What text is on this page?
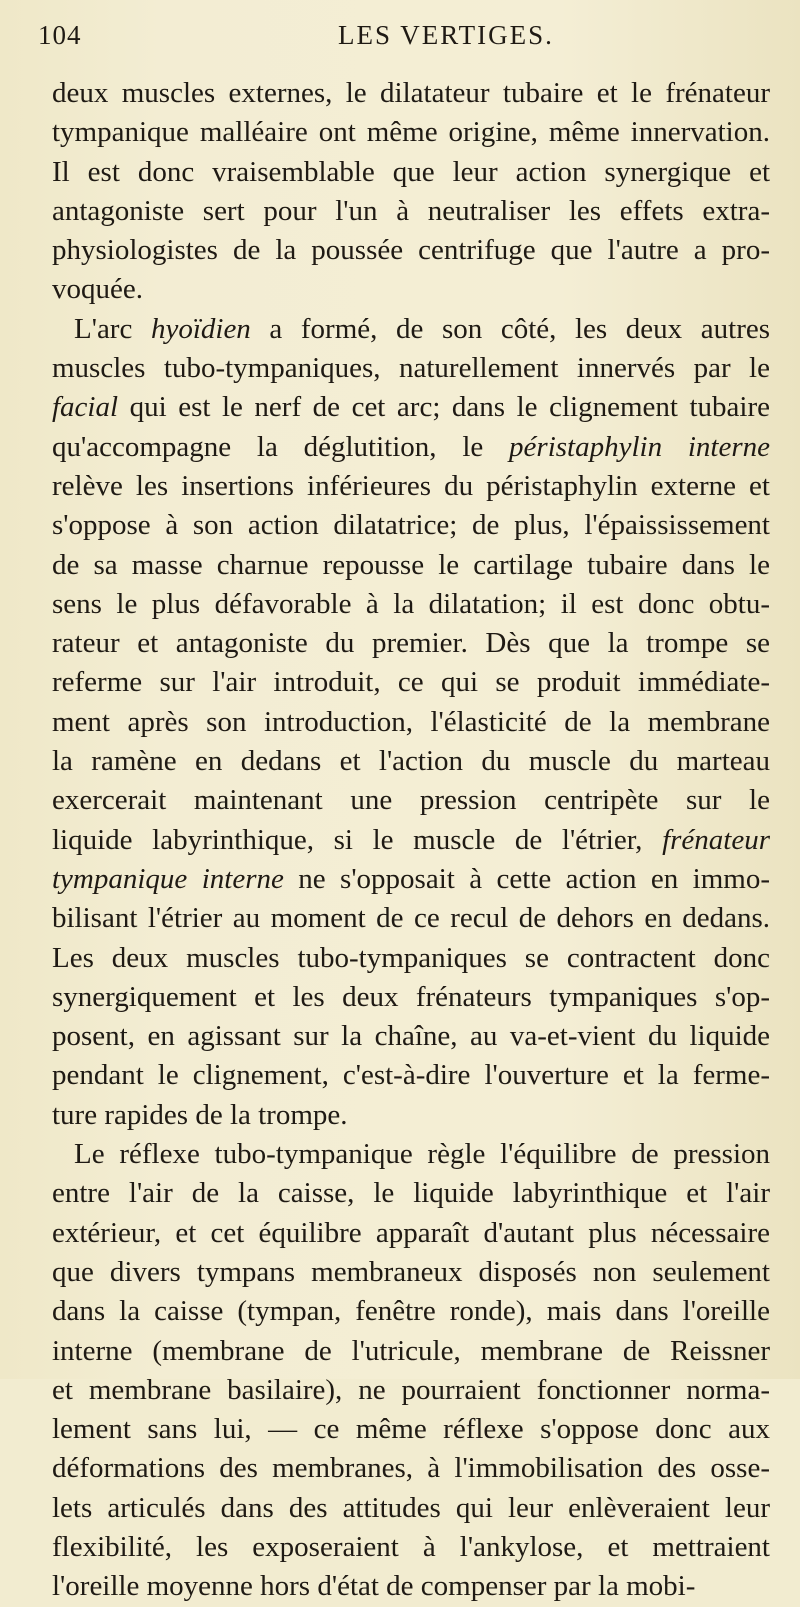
104	LES VERTIGES.
deux muscles externes, le dilatateur tubaire et le frénateur
tympanique malléaire ont même origine, même innervation.
Il est donc vraisemblable que leur action synergique et
antagoniste sert pour l'un à neutraliser les effets extra-
physiologistes de la poussée centrifuge que l'autre a pro-
voquée.
L'arc hyoïdien a formé, de son côté, les deux autres
muscles tubo-tympaniques, naturellement innervés par le
facial qui est le nerf de cet arc; dans le clignement tubaire
qu'accompagne la déglutition, le péristaphylin interne
relève les insertions inférieures du péristaphylin externe et
s'oppose à son action dilatatrice; de plus, l'épaississement
de sa masse charnue repousse le cartilage tubaire dans le
sens le plus défavorable à la dilatation; il est donc obtu-
rateur et antagoniste du premier. Dès que la trompe se
referme sur l'air introduit, ce qui se produit immédiate-
ment après son introduction, l'élasticité de la membrane
la ramène en dedans et l'action du muscle du marteau
exercerait maintenant une pression centripète sur le
liquide labyrinthique, si le muscle de l'étrier, frénateur
tympanique interne ne s'opposait à cette action en immo-
bilisant l'étrier au moment de ce recul de dehors en dedans.
Les deux muscles tubo-tympaniques se contractent donc
synergiquement et les deux frénateurs tympaniques s'op-
posent, en agissant sur la chaîne, au va-et-vient du liquide
pendant le clignement, c'est-à-dire l'ouverture et la ferme-
ture rapides de la trompe.
Le réflexe tubo-tympanique règle l'équilibre de pression
entre l'air de la caisse, le liquide labyrinthique et l'air
extérieur, et cet équilibre apparaît d'autant plus nécessaire
que divers tympans membraneux disposés non seulement
dans la caisse (tympan, fenêtre ronde), mais dans l'oreille
interne (membrane de l'utricule, membrane de Reissner
et membrane basilaire), ne pourraient fonctionner norma-
lement sans lui, — ce même réflexe s'oppose donc aux
déformations des membranes, à l'immobilisation des osse-
lets articulés dans des attitudes qui leur enlèveraient leur
flexibilité, les exposeraient à l'ankylose, et mettraient
l'oreille moyenne hors d'état de compenser par la mobi-
